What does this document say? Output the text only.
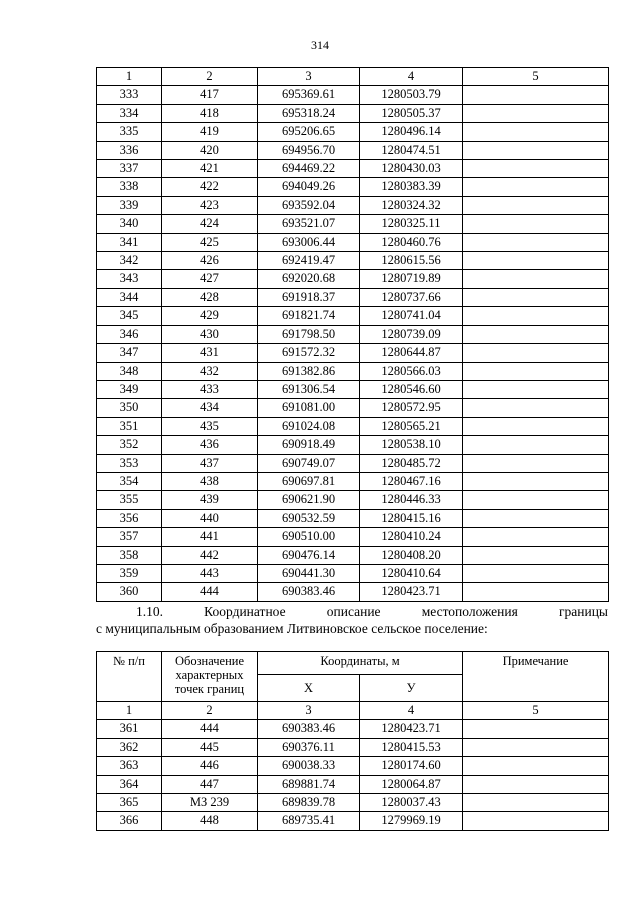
314
1	2	3	4	5
333	417	695369.61	1280503.79	
334	418	695318.24	1280505.37	
335	419	695206.65	1280496.14	
336	420	694956.70	1280474.51	
337	421	694469.22	1280430.03	
338	422	694049.26	1280383.39	
339	423	693592.04	1280324.32	
340	424	693521.07	1280325.11	
341	425	693006.44	1280460.76	
342	426	692419.47	1280615.56	
343	427	692020.68	1280719.89	
344	428	691918.37	1280737.66	
345	429	691821.74	1280741.04	
346	430	691798.50	1280739.09	
347	431	691572.32	1280644.87	
348	432	691382.86	1280566.03	
349	433	691306.54	1280546.60	
350	434	691081.00	1280572.95	
351	435	691024.08	1280565.21	
352	436	690918.49	1280538.10	
353	437	690749.07	1280485.72	
354	438	690697.81	1280467.16	
355	439	690621.90	1280446.33	
356	440	690532.59	1280415.16	
357	441	690510.00	1280410.24	
358	442	690476.14	1280408.20	
359	443	690441.30	1280410.64	
360	444	690383.46	1280423.71	
1.10. Координатное описание местоположения границы
с муниципальным образованием Литвиновское сельское поселение:
№ п/п	Обозначение характерных точек границ	Координаты, м		Примечание
		X	У	
1	2	3	4	5
361	444	690383.46	1280423.71	
362	445	690376.11	1280415.53	
363	446	690038.33	1280174.60	
364	447	689881.74	1280064.87	
365	МЗ 239	689839.78	1280037.43	
366	448	689735.41	1279969.19	
